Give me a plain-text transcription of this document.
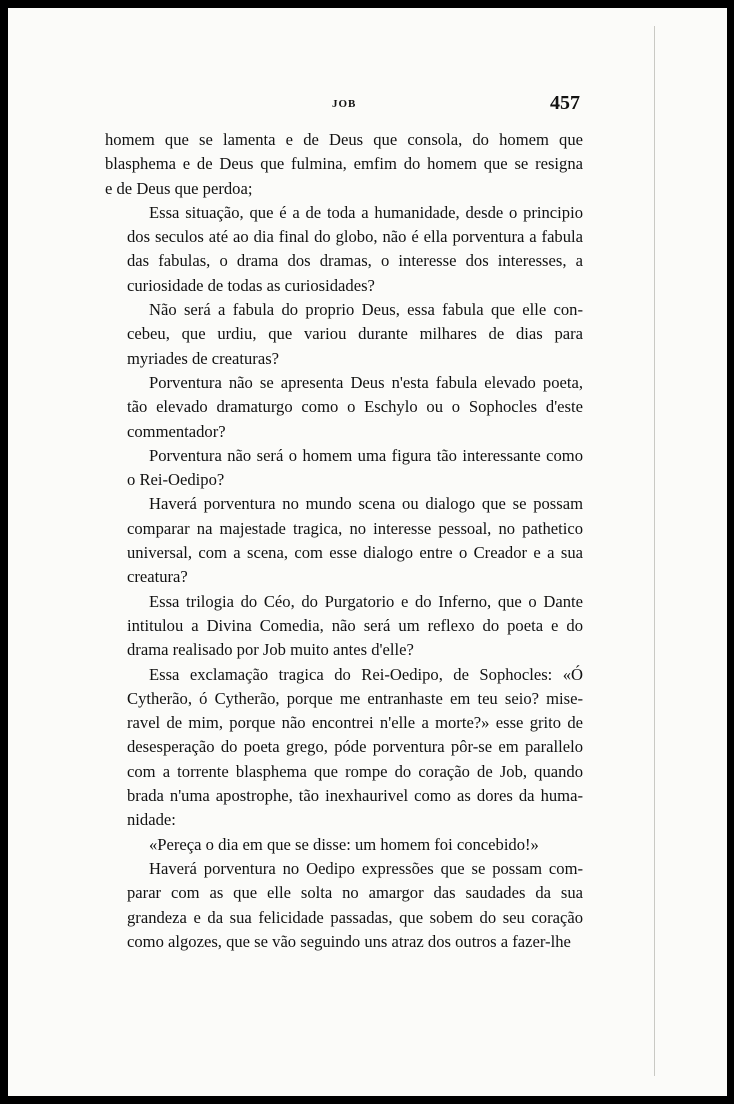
JOB	457
homem que se lamenta e de Deus que consola, do homem que
blasphema e de Deus que fulmina, emfim do homem que se resigna
e de Deus que perdoa;
Essa situação, que é a de toda a humanidade, desde o principio
dos seculos até ao dia final do globo, não é ella porventura a fabula
das fabulas, o drama dos dramas, o interesse dos interesses, a
curiosidade de todas as curiosidades?
Não será a fabula do proprio Deus, essa fabula que elle con-
cebeu, que urdiu, que variou durante milhares de dias para
myriades de creaturas?
Porventura não se apresenta Deus n'esta fabula elevado poeta,
tão elevado dramaturgo como o Eschylo ou o Sophocles d'este
commentador?
Porventura não será o homem uma figura tão interessante como
o Rei-Oedipo?
Haverá porventura no mundo scena ou dialogo que se possam
comparar na majestade tragica, no interesse pessoal, no pathetico
universal, com a scena, com esse dialogo entre o Creador e a sua
creatura?
Essa trilogia do Céo, do Purgatorio e do Inferno, que o Dante
intitulou a Divina Comedia, não será um reflexo do poeta e do
drama realisado por Job muito antes d'elle?
Essa exclamação tragica do Rei-Oedipo, de Sophocles: «Ó
Cytherão, ó Cytherão, porque me entranhaste em teu seio? mise-
ravel de mim, porque não encontrei n'elle a morte?» esse grito de
desesperação do poeta grego, póde porventura pôr-se em parallelo
com a torrente blasphema que rompe do coração de Job, quando
brada n'uma apostrophe, tão inexhaurivel como as dores da huma-
nidade:
«Pereça o dia em que se disse: um homem foi concebido!»
Haverá porventura no Oedipo expressões que se possam com-
parar com as que elle solta no amargor das saudades da sua
grandeza e da sua felicidade passadas, que sobem do seu coração
como algozes, que se vão seguindo uns atraz dos outros a fazer-lhe
